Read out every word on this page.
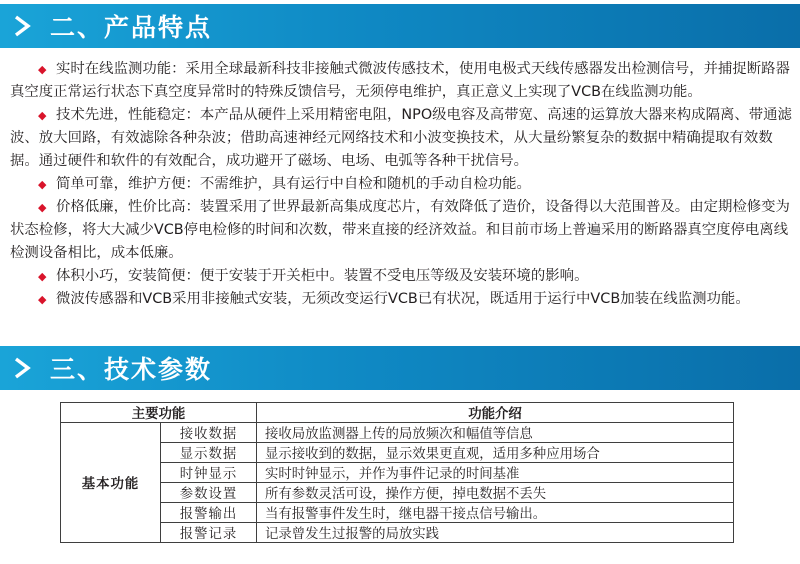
二、产品特点

◆ 实时在线监测功能：采用全球最新科技非接触式微波传感技术，使用电极式天线传感器发出检测信号，并捕捉断路器真空度正常运行状态下真空度异常时的特殊反馈信号，无须停电维护，真正意义上实现了VCB在线监测功能。

◆ 技术先进，性能稳定：本产品从硬件上采用精密电阻，NPO级电容及高带宽、高速的运算放大器来构成隔离、带通滤波、放大回路，有效滤除各种杂波；借助高速神经元网络技术和小波变换技术，从大量纷繁复杂的数据中精确提取有效数据。通过硬件和软件的有效配合，成功避开了磁场、电场、电弧等各种干扰信号。

◆ 简单可靠，维护方便：不需维护，具有运行中自检和随机的手动自检功能。

◆ 价格低廉，性价比高：装置采用了世界最新高集成度芯片，有效降低了造价，设备得以大范围普及。由定期检修变为状态检修，将大大减少VCB停电检修的时间和次数，带来直接的经济效益。和目前市场上普遍采用的断路器真空度停电离线检测设备相比，成本低廉。

◆ 体积小巧，安装简便：便于安装于开关柜中。装置不受电压等级及安装环境的影响。

◆ 微波传感器和VCB采用非接触式安装，无须改变运行VCB已有状况，既适用于运行中VCB加装在线监测功能。

三、技术参数
主要功能		功能介绍
基本功能	接收数据	接收局放监测器上传的局放频次和幅值等信息
	显示数据	显示接收到的数据，显示效果更直观，适用多种应用场合
	时钟显示	实时时钟显示，并作为事件记录的时间基准
	参数设置	所有参数灵活可设，操作方便，掉电数据不丢失
	报警输出	当有报警事件发生时，继电器干接点信号输出。
	报警记录	记录曾发生过报警的局放实践
